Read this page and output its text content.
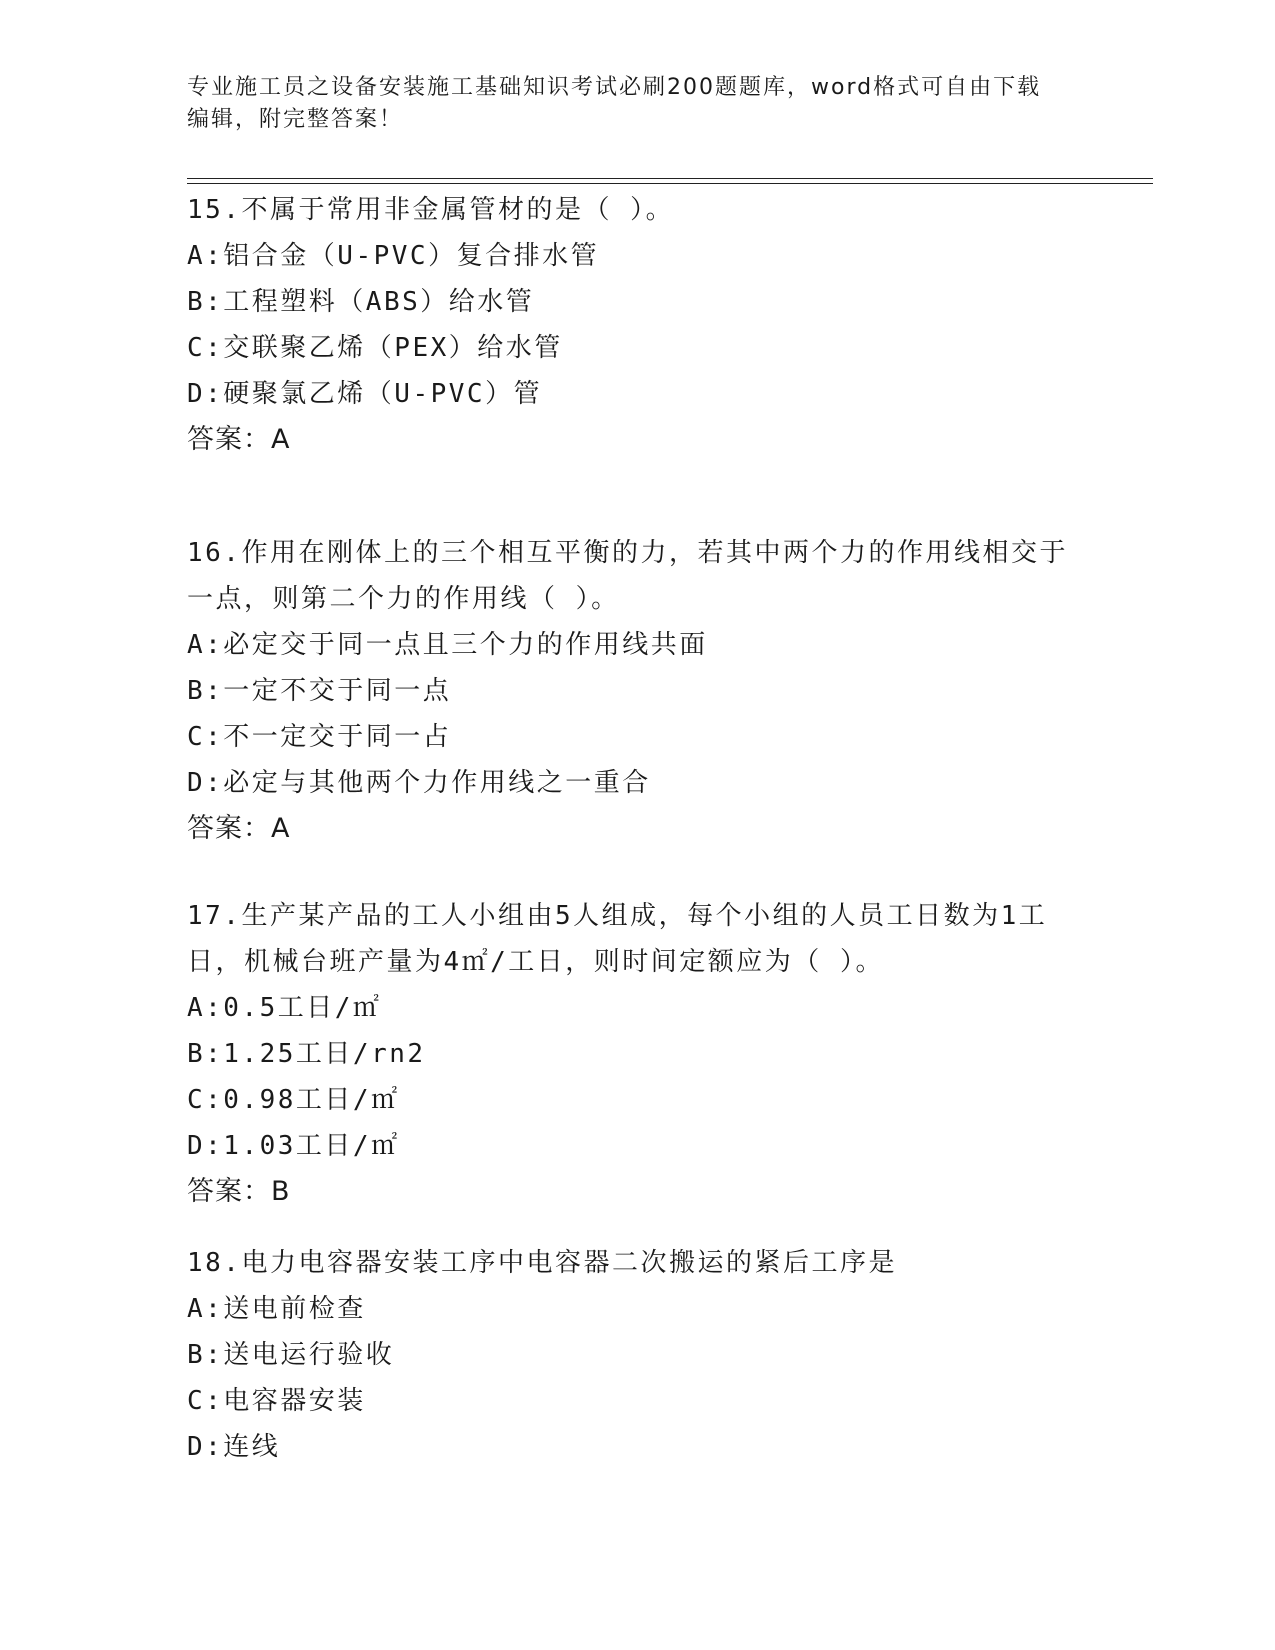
专业施工员之设备安装施工基础知识考试必刷200题题库，word格式可自由下载
编辑，附完整答案！
15.不属于常用非金属管材的是（ ）。
A:铝合金（U-PVC）复合排水管
B:工程塑料（ABS）给水管
C:交联聚乙烯（PEX）给水管
D:硬聚氯乙烯（U-PVC）管
答案：A
16.作用在刚体上的三个相互平衡的力，若其中两个力的作用线相交于
一点，则第二个力的作用线（ ）。
A:必定交于同一点且三个力的作用线共面
B:一定不交于同一点
C:不一定交于同一占
D:必定与其他两个力作用线之一重合
答案：A
17.生产某产品的工人小组由5人组成，每个小组的人员工日数为1工
日，机械台班产量为4㎡/工日，则时间定额应为（ ）。
A:0.5工日/㎡
B:1.25工日/rn2
C:0.98工日/㎡
D:1.03工日/㎡
答案：B
18.电力电容器安装工序中电容器二次搬运的紧后工序是
A:送电前检查
B:送电运行验收
C:电容器安装
D:连线
